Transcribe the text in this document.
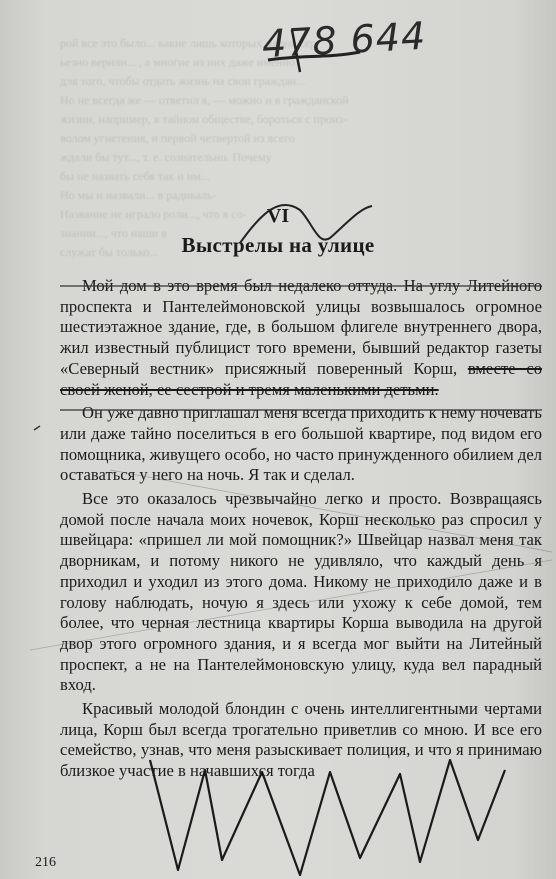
рой все это было... какие лишь которых жизнь сер-

ьезно верили... , а многие из них даже именно

для того, чтобы отдать жизнь на свои граждан...

Но не всегда же — ответил я, — можно и в гражданской

жизни, например, в тайном обществе, бороться с произ-

волом угнетения, и первой четвертой из всего

ждали бы тут..., т. е. сознательно. Почему

бы не назвать себя так и им...

Но мы и назвали... в радикаль-

Название не играло роли..., что в со-

знании..., что наши в

служат бы только...

478 644
VI
Выстрелы на улице

Мой дом в это время был недалеко оттуда. На углу Литейного проспекта и Пантелеймоновской улицы возвышалось огромное шестиэтажное здание, где, в большом флигеле внутреннего двора, жил известный публицист того времени, бывший редактор газеты «Северный вестник» присяжный поверенный Корш, вместе со своей женой, ее сестрой и тремя маленькими детьми.

Он уже давно приглашал меня всегда приходить к нему ночевать или даже тайно поселиться в его большой квартире, под видом его помощника, живущего особо, но часто принужденного обилием дел оставаться у него на ночь. Я так и сделал.

Все это оказалось чрезвычайно легко и просто. Возвращаясь домой после начала моих ночевок, Корш несколько раз спросил у швейцара: «пришел ли мой помощник?» Швейцар назвал меня так дворникам, и потому никого не удивляло, что каждый день я приходил и уходил из этого дома. Никому не приходило даже и в голову наблюдать, ночую я здесь или ухожу к себе домой, тем более, что черная лестница квартиры Корша выводила на другой двор этого огромного здания, и я всегда мог выйти на Литейный проспект, а не на Пантелеймоновскую улицу, куда вел парадный вход.

Красивый молодой блондин с очень интеллигентными чертами лица, Корш был всегда трогательно приветлив со мною. И все его семейство, узнав, что меня разыскивает полиция, и что я принимаю близкое участие в начавшихся тогда

216
